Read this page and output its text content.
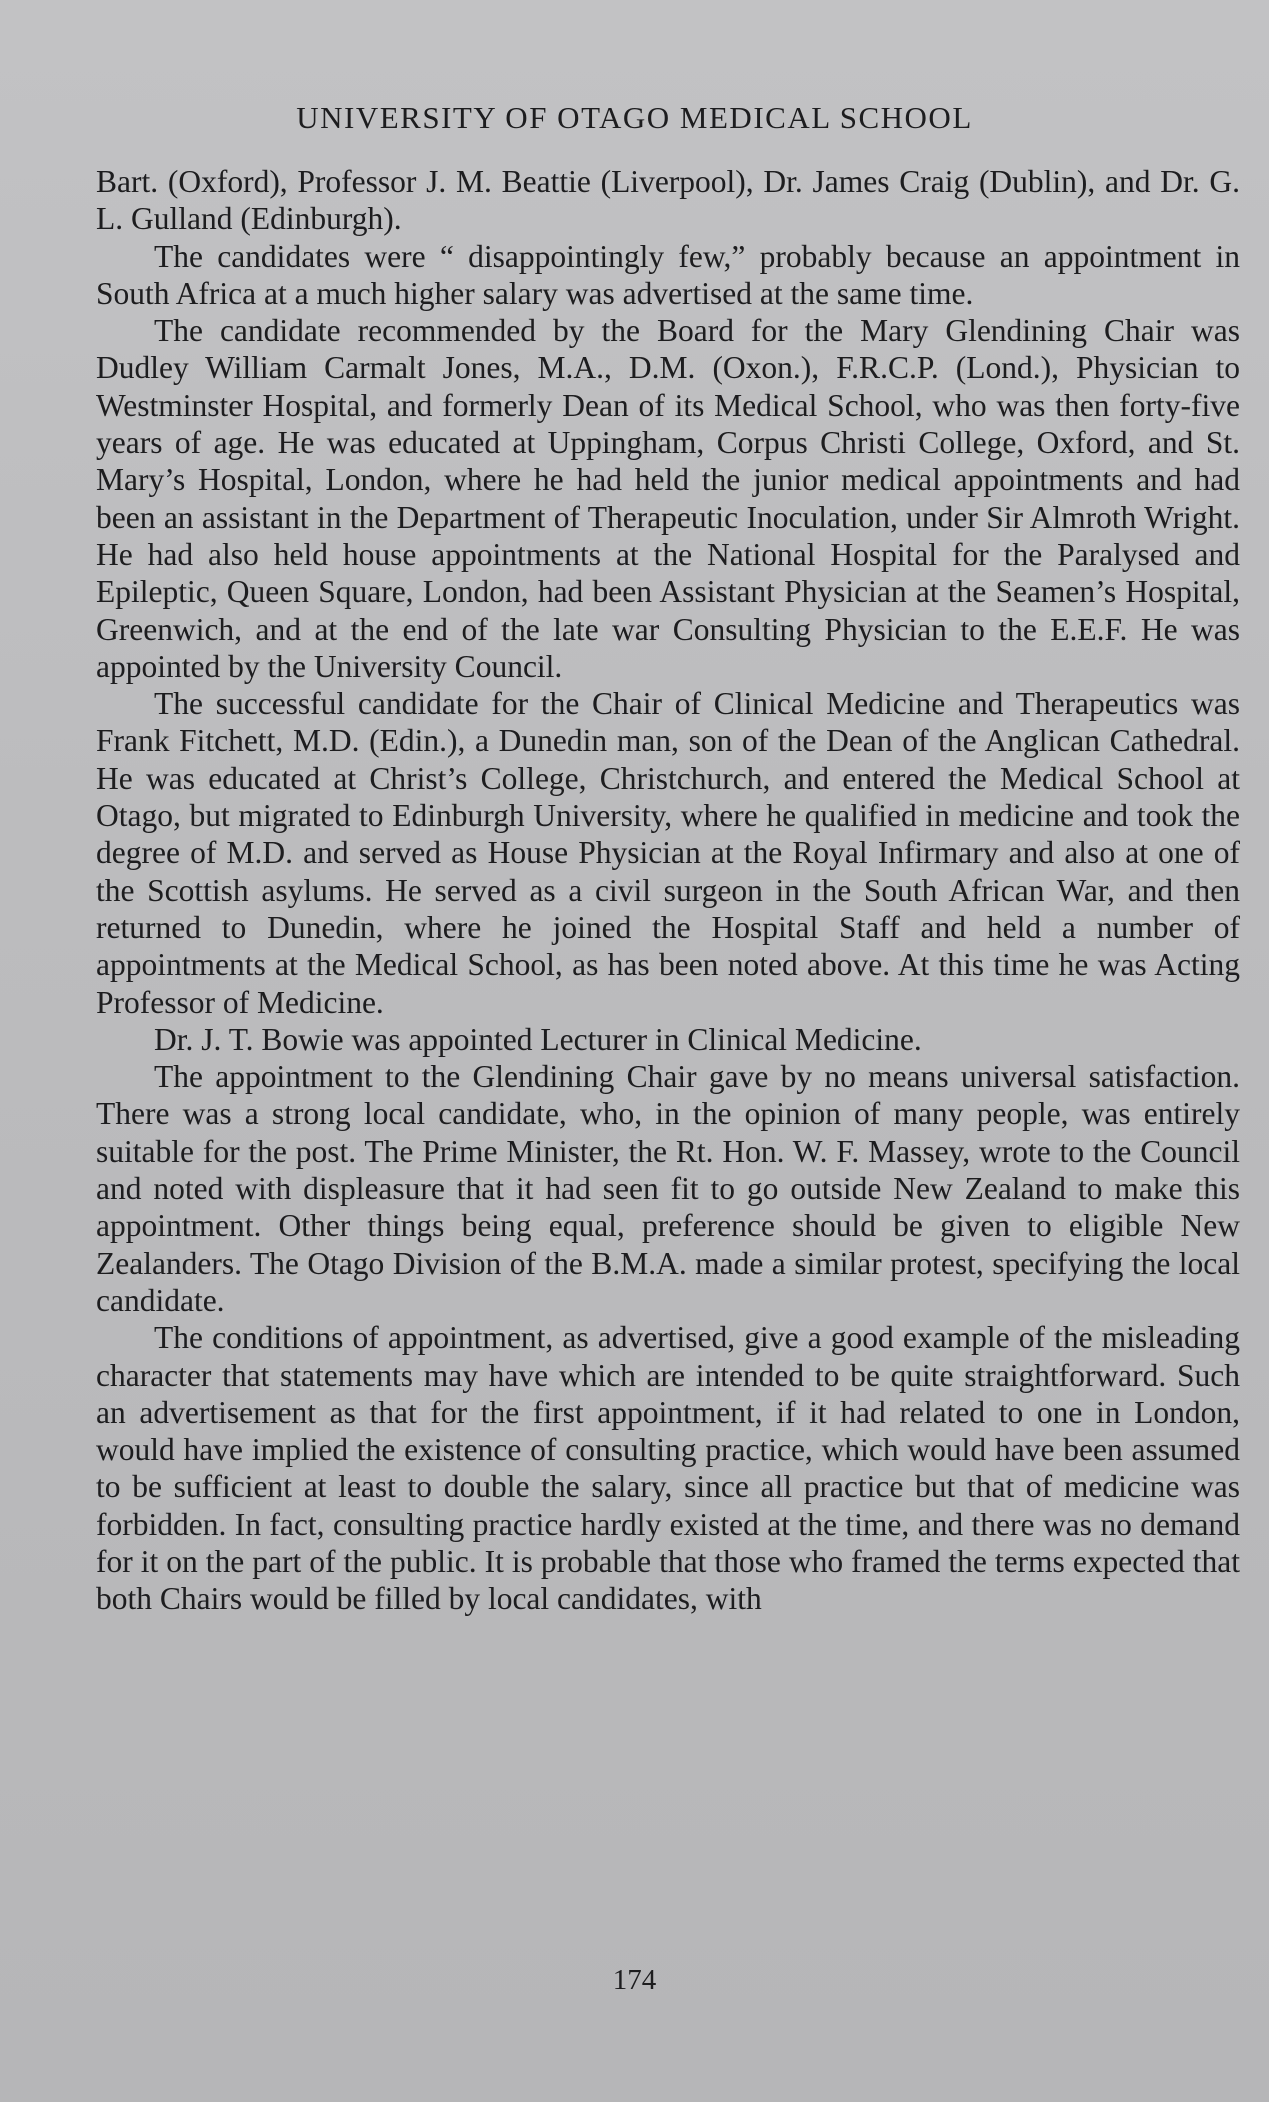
UNIVERSITY OF OTAGO MEDICAL SCHOOL

Bart. (Oxford), Professor J. M. Beattie (Liverpool), Dr. James Craig (Dublin), and Dr. G. L. Gulland (Edinburgh).

The candidates were “ disappointingly few,” probably because an appointment in South Africa at a much higher salary was advertised at the same time.

The candidate recommended by the Board for the Mary Glendining Chair was Dudley William Carmalt Jones, M.A., D.M. (Oxon.), F.R.C.P. (Lond.), Physician to Westminster Hospital, and formerly Dean of its Medical School, who was then forty-five years of age. He was educated at Uppingham, Corpus Christi College, Oxford, and St. Mary’s Hospital, London, where he had held the junior medical appointments and had been an assistant in the Department of Therapeutic Inoculation, under Sir Almroth Wright. He had also held house appointments at the National Hospital for the Paralysed and Epileptic, Queen Square, London, had been Assistant Physician at the Seamen’s Hospital, Greenwich, and at the end of the late war Consulting Physician to the E.E.F. He was appointed by the University Council.

The successful candidate for the Chair of Clinical Medicine and Therapeutics was Frank Fitchett, M.D. (Edin.), a Dunedin man, son of the Dean of the Anglican Cathedral. He was educated at Christ’s College, Christchurch, and entered the Medical School at Otago, but migrated to Edinburgh University, where he qualified in medicine and took the degree of M.D. and served as House Physician at the Royal Infirmary and also at one of the Scottish asylums. He served as a civil surgeon in the South African War, and then returned to Dunedin, where he joined the Hospital Staff and held a number of appointments at the Medical School, as has been noted above. At this time he was Acting Professor of Medicine.

Dr. J. T. Bowie was appointed Lecturer in Clinical Medicine.

The appointment to the Glendining Chair gave by no means universal satisfaction. There was a strong local candidate, who, in the opinion of many people, was entirely suitable for the post. The Prime Minister, the Rt. Hon. W. F. Massey, wrote to the Council and noted with displeasure that it had seen fit to go outside New Zealand to make this appointment. Other things being equal, preference should be given to eligible New Zealanders. The Otago Division of the B.M.A. made a similar protest, specifying the local candidate.

The conditions of appointment, as advertised, give a good example of the misleading character that statements may have which are intended to be quite straightforward. Such an advertisement as that for the first appointment, if it had related to one in London, would have implied the existence of consulting practice, which would have been assumed to be sufficient at least to double the salary, since all practice but that of medicine was forbidden. In fact, consulting practice hardly existed at the time, and there was no demand for it on the part of the public. It is probable that those who framed the terms expected that both Chairs would be filled by local candidates, with

174
